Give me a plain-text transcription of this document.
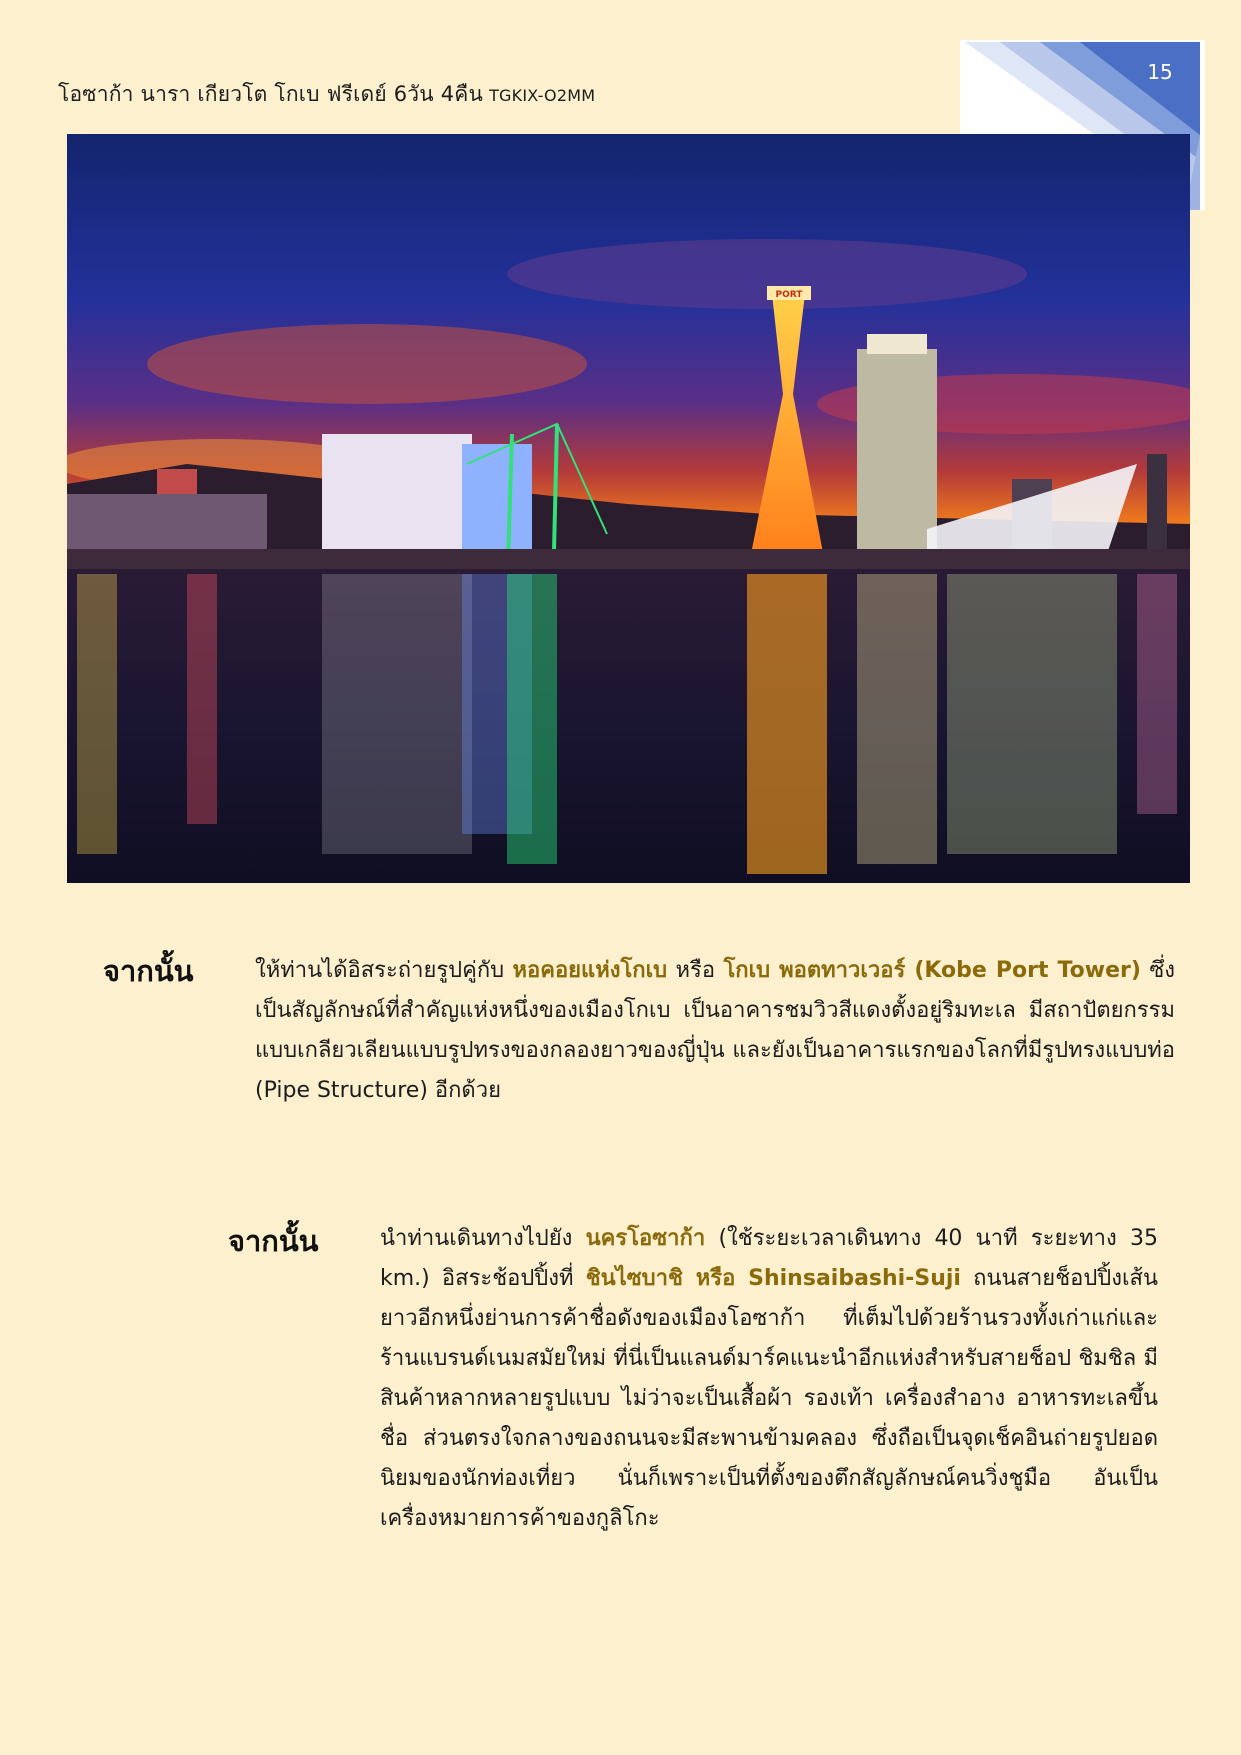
โอซาก้า นารา เกียวโต โกเบ ฟรีเดย์ 6วัน 4คืน TGKIX-O2MM
15
PORT
จากนั้น	ให้ท่านได้อิสระถ่ายรูปคู่กับ หอคอยแห่งโกเบ หรือ โกเบ พอตทาวเวอร์ (Kobe Port Tower) ซึ่งเป็นสัญลักษณ์ที่สำคัญแห่งหนึ่งของเมืองโกเบ เป็นอาคารชมวิวสีแดงตั้งอยู่ริมทะเล มีสถาปัตยกรรมแบบเกลียวเลียนแบบรูปทรงของกลองยาวของญี่ปุ่น และยังเป็นอาคารแรกของโลกที่มีรูปทรงแบบท่อ (Pipe Structure) อีกด้วย
จากนั้น	นำท่านเดินทางไปยัง นครโอซาก้า (ใช้ระยะเวลาเดินทาง 40 นาที ระยะทาง 35 km.) อิสระช้อปปิ้งที่ ชินไซบาชิ หรือ Shinsaibashi-Suji ถนนสายช็อปปิ้งเส้นยาวอีกหนึ่งย่านการค้าชื่อดังของเมืองโอซาก้า ที่เต็มไปด้วยร้านรวงทั้งเก่าแก่และร้านแบรนด์เนมสมัยใหม่ ที่นี่เป็นแลนด์มาร์คแนะนำอีกแห่งสำหรับสายช็อป ชิมชิล มีสินค้าหลากหลายรูปแบบ ไม่ว่าจะเป็นเสื้อผ้า รองเท้า เครื่องสำอาง อาหารทะเลขึ้นชื่อ ส่วนตรงใจกลางของถนนจะมีสะพานข้ามคลอง ซึ่งถือเป็นจุดเช็คอินถ่ายรูปยอดนิยมของนักท่องเที่ยว นั่นก็เพราะเป็นที่ตั้งของตึกสัญลักษณ์คนวิ่งชูมือ อันเป็นเครื่องหมายการค้าของกูลิโกะ
